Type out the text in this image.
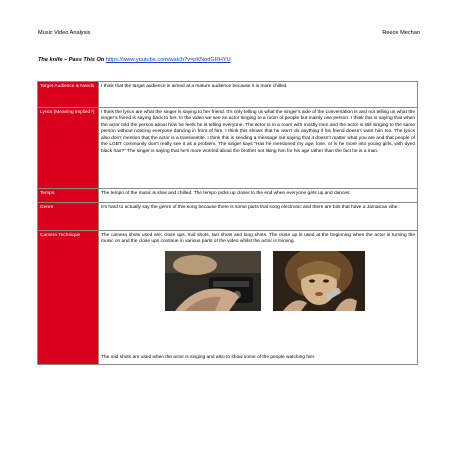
Music Video Analysis	Reece Mechan
The knife – Pass This On https://www.youtube.com/watch?v=pKNodGRHYU
Target Audience & Needs	I think that the target audience is aimed at a mature audience because it is more chilled.
Lyrics (Meaning implied?)	I think the lyrics are what the singer is saying to her friend. It’s only telling us what the singer’s side of the conversation is and not telling us what the singer’s friend is saying back to her. In the video we see an actor singing to a room of people but mainly one person. I think this is saying that when the actor told the person about how he feels he is telling everyone. The actor is in a room with mostly men and the actor is still singing to the same person without noticing everyone dancing in front of him. I think this shows that he won’t do anything if his friend doesn’t want him too. The lyrics also don’t mention that the actor is a transvestite. I think this is sending a message out saying that it doesn’t matter what you are and that people of the LGBT community don’t really see it as a problem. The singer says “Has he mentioned my age, love, or is he more into young girls, with dyed black hair?” The singer is saying that he’s more worried about the brother not liking him for his age rather than the fact he is a man.
Tempo	The tempo of the music is slow and chilled. The tempo picks up closer to the end when everyone gets up and dances.
Genre	It’s hard to actually say the genre of this song because there is some parts that song electronic and there are bits that have a Jamaican vibe.
Camera Technique	The camera shots used are; close ups, mid shots, two shots and long shots. The close up is used at the beginning when the actor is turning the music on and the close ups continue in various parts of the video whilst the actor is miming.
The mid shots are used when the actor is singing and also to show some of the people watching him.
